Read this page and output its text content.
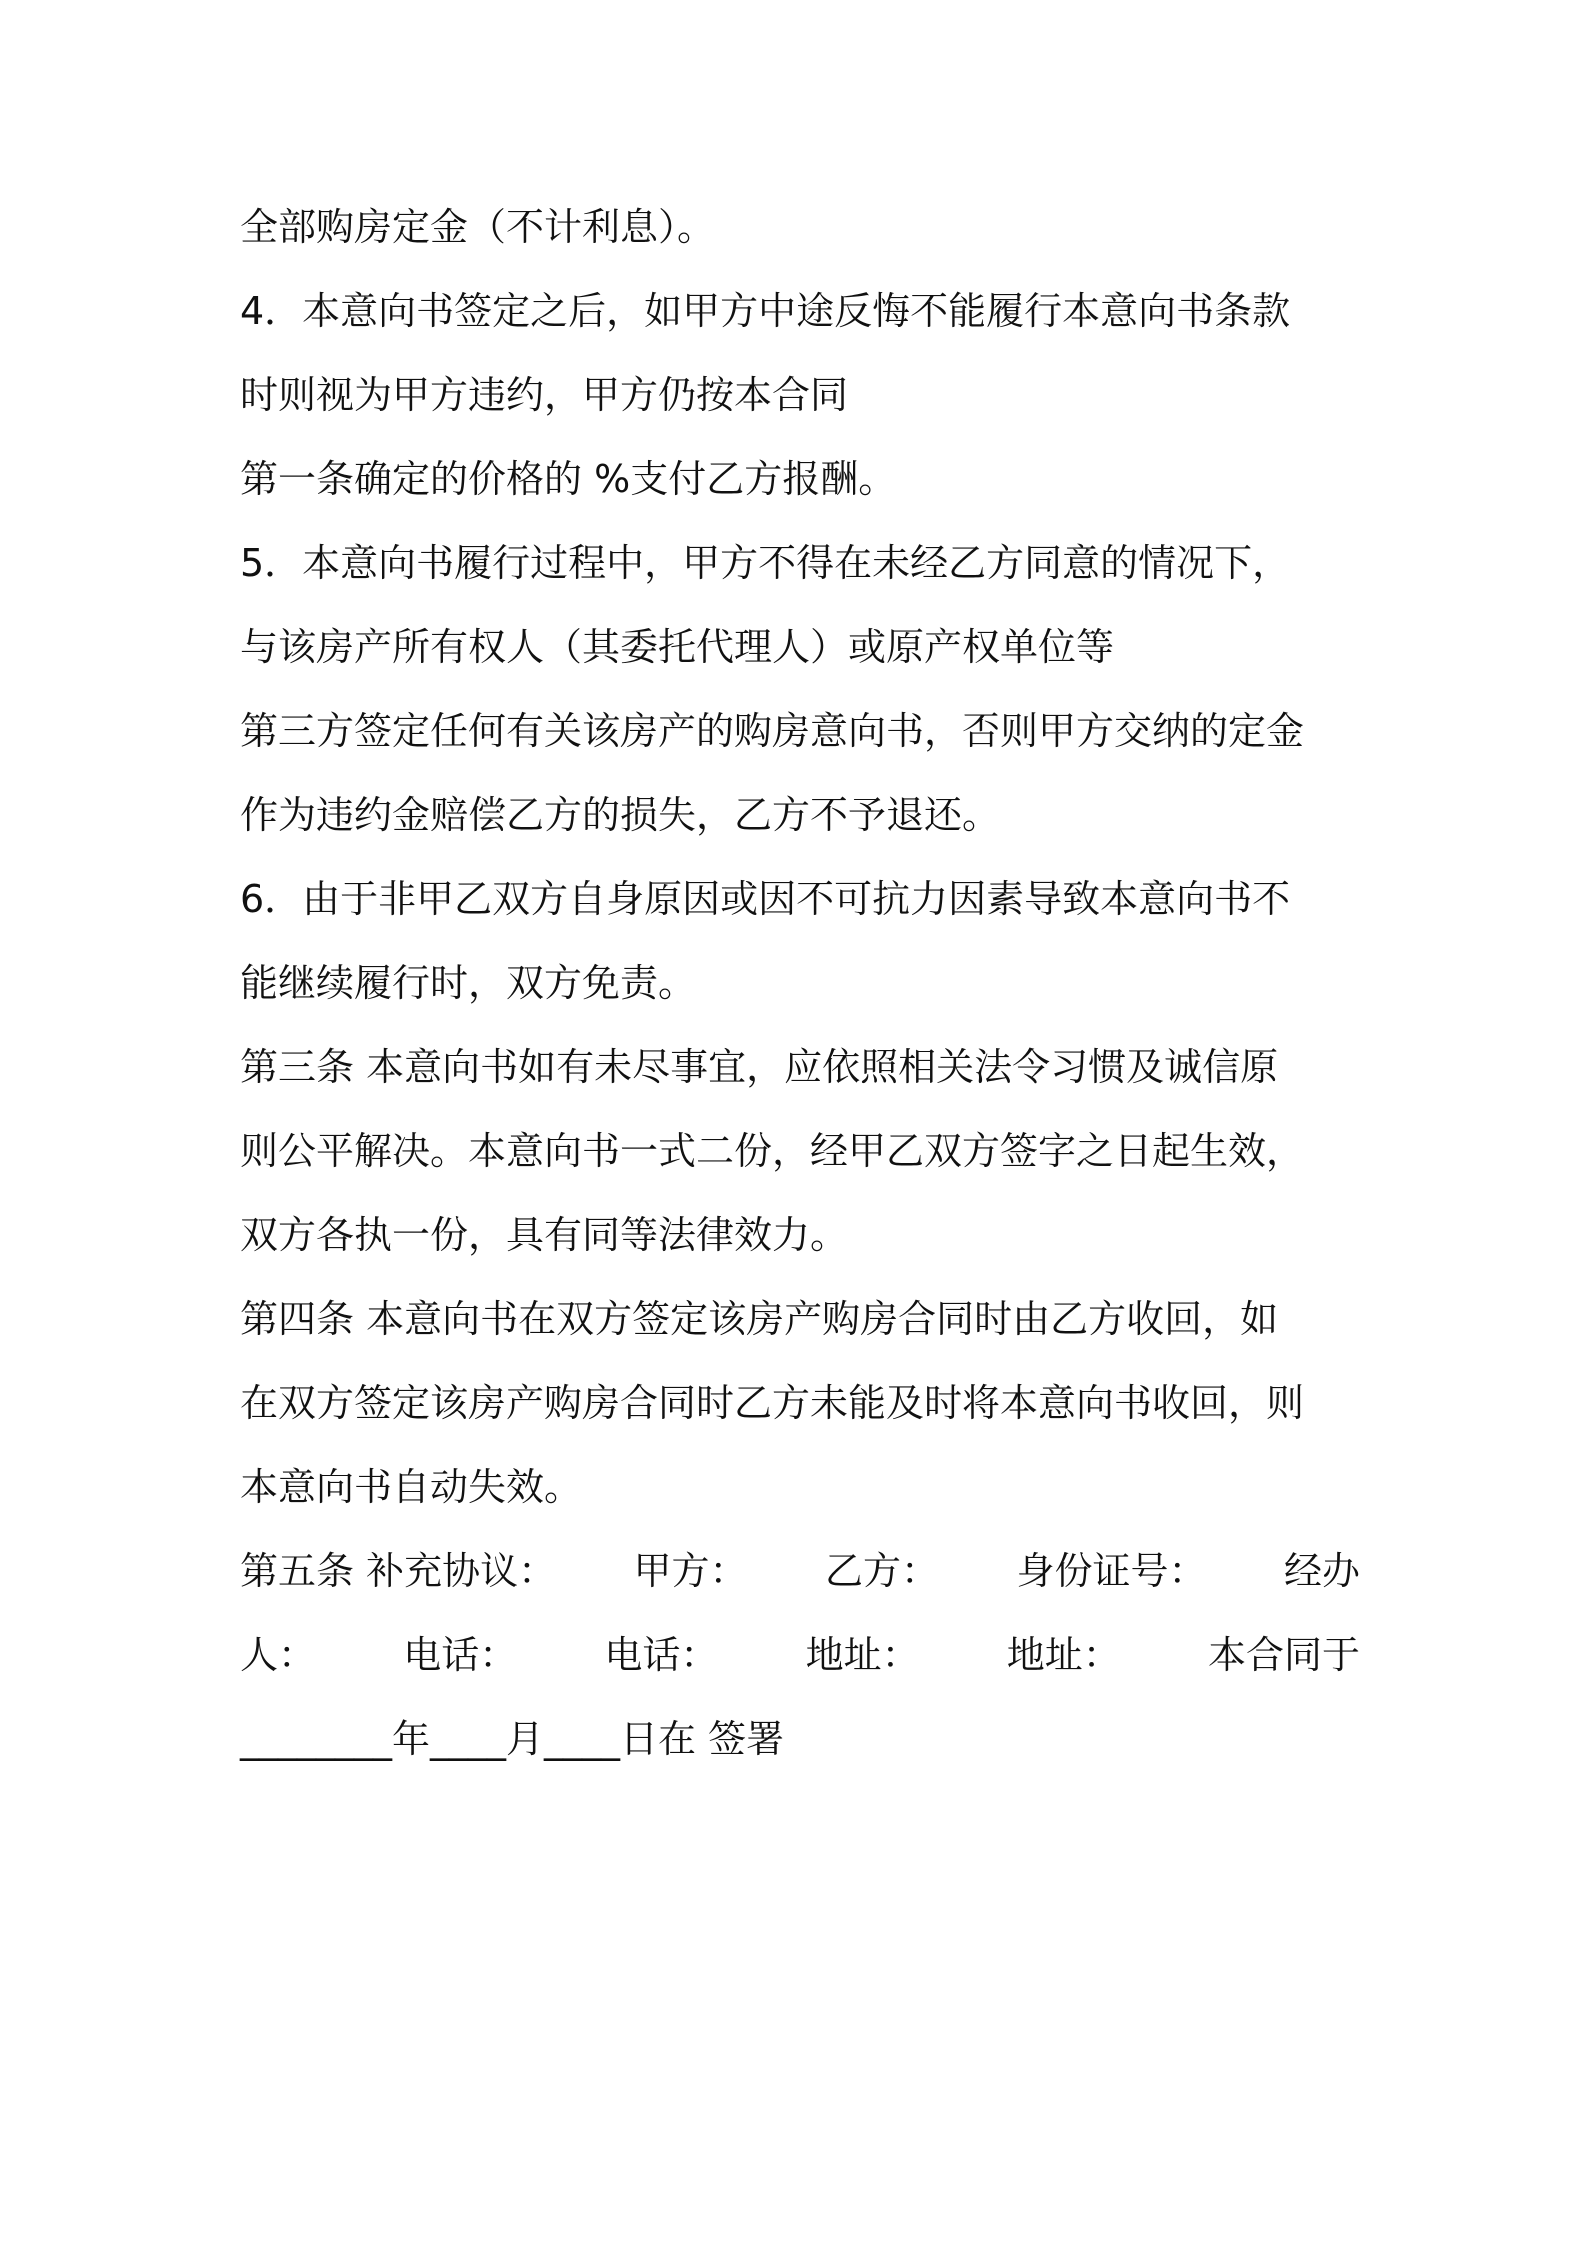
全部购房定金（不计利息）。
4．本意向书签定之后，如甲方中途反悔不能履行本意向书条款
时则视为甲方违约，甲方仍按本合同
第一条确定的价格的 %支付乙方报酬。
5．本意向书履行过程中，甲方不得在未经乙方同意的情况下，
与该房产所有权人（其委托代理人）或原产权单位等
第三方签定任何有关该房产的购房意向书，否则甲方交纳的定金
作为违约金赔偿乙方的损失，乙方不予退还。
6．由于非甲乙双方自身原因或因不可抗力因素导致本意向书不
能继续履行时，双方免责。
第三条 本意向书如有未尽事宜，应依照相关法令习惯及诚信原
则公平解决。本意向书一式二份，经甲乙双方签字之日起生效，
双方各执一份，具有同等法律效力。
第四条 本意向书在双方签定该房产购房合同时由乙方收回，如
在双方签定该房产购房合同时乙方未能及时将本意向书收回，则
本意向书自动失效。
第五条 补充协议： 甲方： 乙方： 身份证号： 经办
人： 电话： 电话： 地址： 地址： 本合同于
________年____月____日在 签署
